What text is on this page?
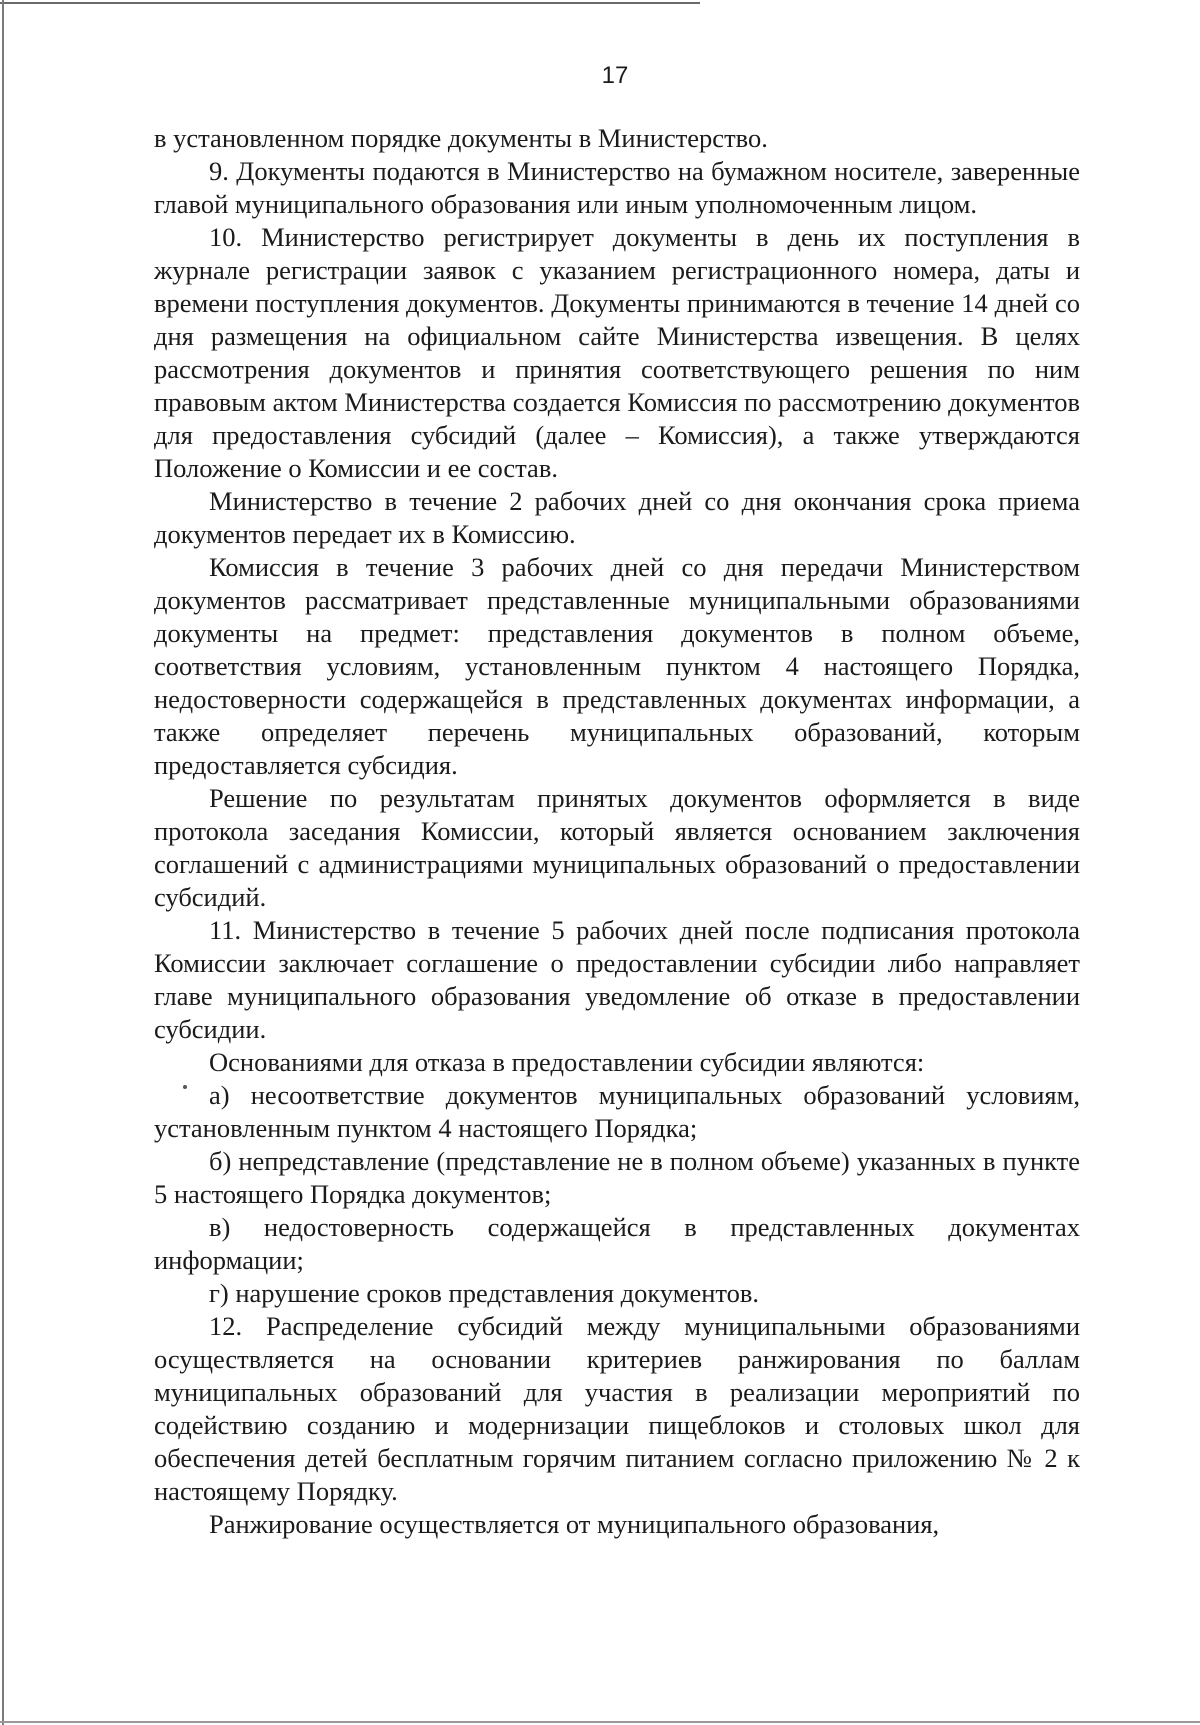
17

в установленном порядке документы в Министерство.

9. Документы подаются в Министерство на бумажном носителе, заверенные главой муниципального образования или иным уполномоченным лицом.

10. Министерство регистрирует документы в день их поступления в журнале регистрации заявок с указанием регистрационного номера, даты и времени поступления документов. Документы принимаются в течение 14 дней со дня размещения на официальном сайте Министерства извещения. В целях рассмотрения документов и принятия соответствующего решения по ним правовым актом Министерства создается Комиссия по рассмотрению документов для предоставления субсидий (далее – Комиссия), а также утверждаются Положение о Комиссии и ее состав.

Министерство в течение 2 рабочих дней со дня окончания срока приема документов передает их в Комиссию.

Комиссия в течение 3 рабочих дней со дня передачи Министерством документов рассматривает представленные муниципальными образованиями документы на предмет: представления документов в полном объеме, соответствия условиям, установленным пунктом 4 настоящего Порядка, недостоверности содержащейся в представленных документах информации, а также определяет перечень муниципальных образований, которым предоставляется субсидия.

Решение по результатам принятых документов оформляется в виде протокола заседания Комиссии, который является основанием заключения соглашений с администрациями муниципальных образований о предоставлении субсидий.

11. Министерство в течение 5 рабочих дней после подписания протокола Комиссии заключает соглашение о предоставлении субсидии либо направляет главе муниципального образования уведомление об отказе в предоставлении субсидии.

Основаниями для отказа в предоставлении субсидии являются:

а) несоответствие документов муниципальных образований условиям, установленным пунктом 4 настоящего Порядка;

б) непредставление (представление не в полном объеме) указанных в пункте 5 настоящего Порядка документов;

в) недостоверность содержащейся в представленных документах информации;

г) нарушение сроков представления документов.

12. Распределение субсидий между муниципальными образованиями осуществляется на основании критериев ранжирования по баллам муниципальных образований для участия в реализации мероприятий по содействию созданию и модернизации пищеблоков и столовых школ для обеспечения детей бесплатным горячим питанием согласно приложению № 2 к настоящему Порядку.

Ранжирование осуществляется от муниципального образования,
